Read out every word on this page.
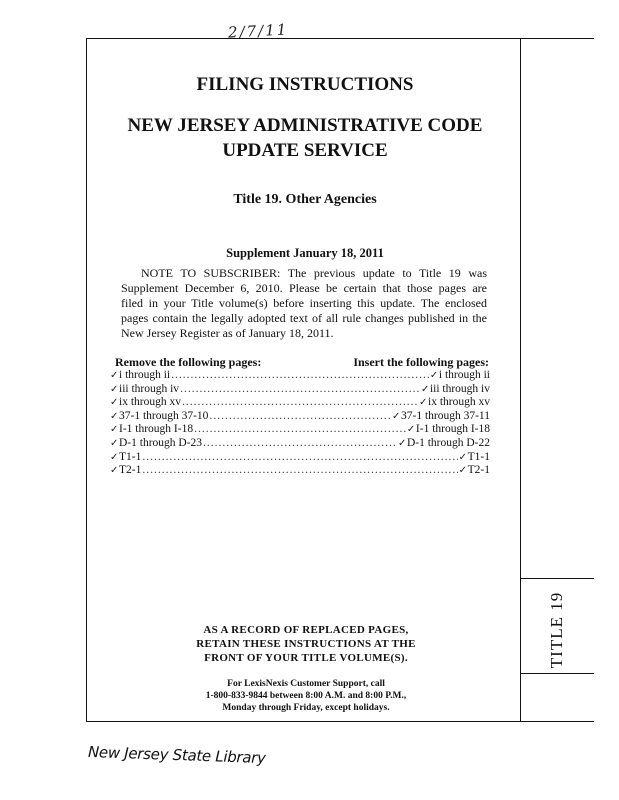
2/7/11
TITLE 19
FILING INSTRUCTIONS
NEW JERSEY ADMINISTRATIVE CODE
UPDATE SERVICE
Title 19. Other Agencies
Supplement January 18, 2011
NOTE TO SUBSCRIBER: The previous update to Title 19 was
Supplement December 6, 2010. Please be certain that those pages are
filed in your Title volume(s) before inserting this update. The enclosed
pages contain the legally adopted text of all rule changes published in the
New Jersey Register as of January 18, 2011.
Remove the following pages:	Insert the following pages:
✓ i through ii .....	✓ i through ii
✓ iii through iv .....	✓ iii through iv
✓ ix through xv .....	✓ ix through xv
✓ 37-1 through 37-10 .....	✓ 37-1 through 37-11
✓ I-1 through I-18 .....	✓ I-1 through I-18
✓ D-1 through D-23 .....	✓ D-1 through D-22
✓ T1-1 .....	✓ T1-1
✓ T2-1 .....	✓ T2-1
AS A RECORD OF REPLACED PAGES,
RETAIN THESE INSTRUCTIONS AT THE
FRONT OF YOUR TITLE VOLUME(S).
For LexisNexis Customer Support, call
1-800-833-9844 between 8:00 A.M. and 8:00 P.M.,
Monday through Friday, except holidays.
New Jersey State Library
